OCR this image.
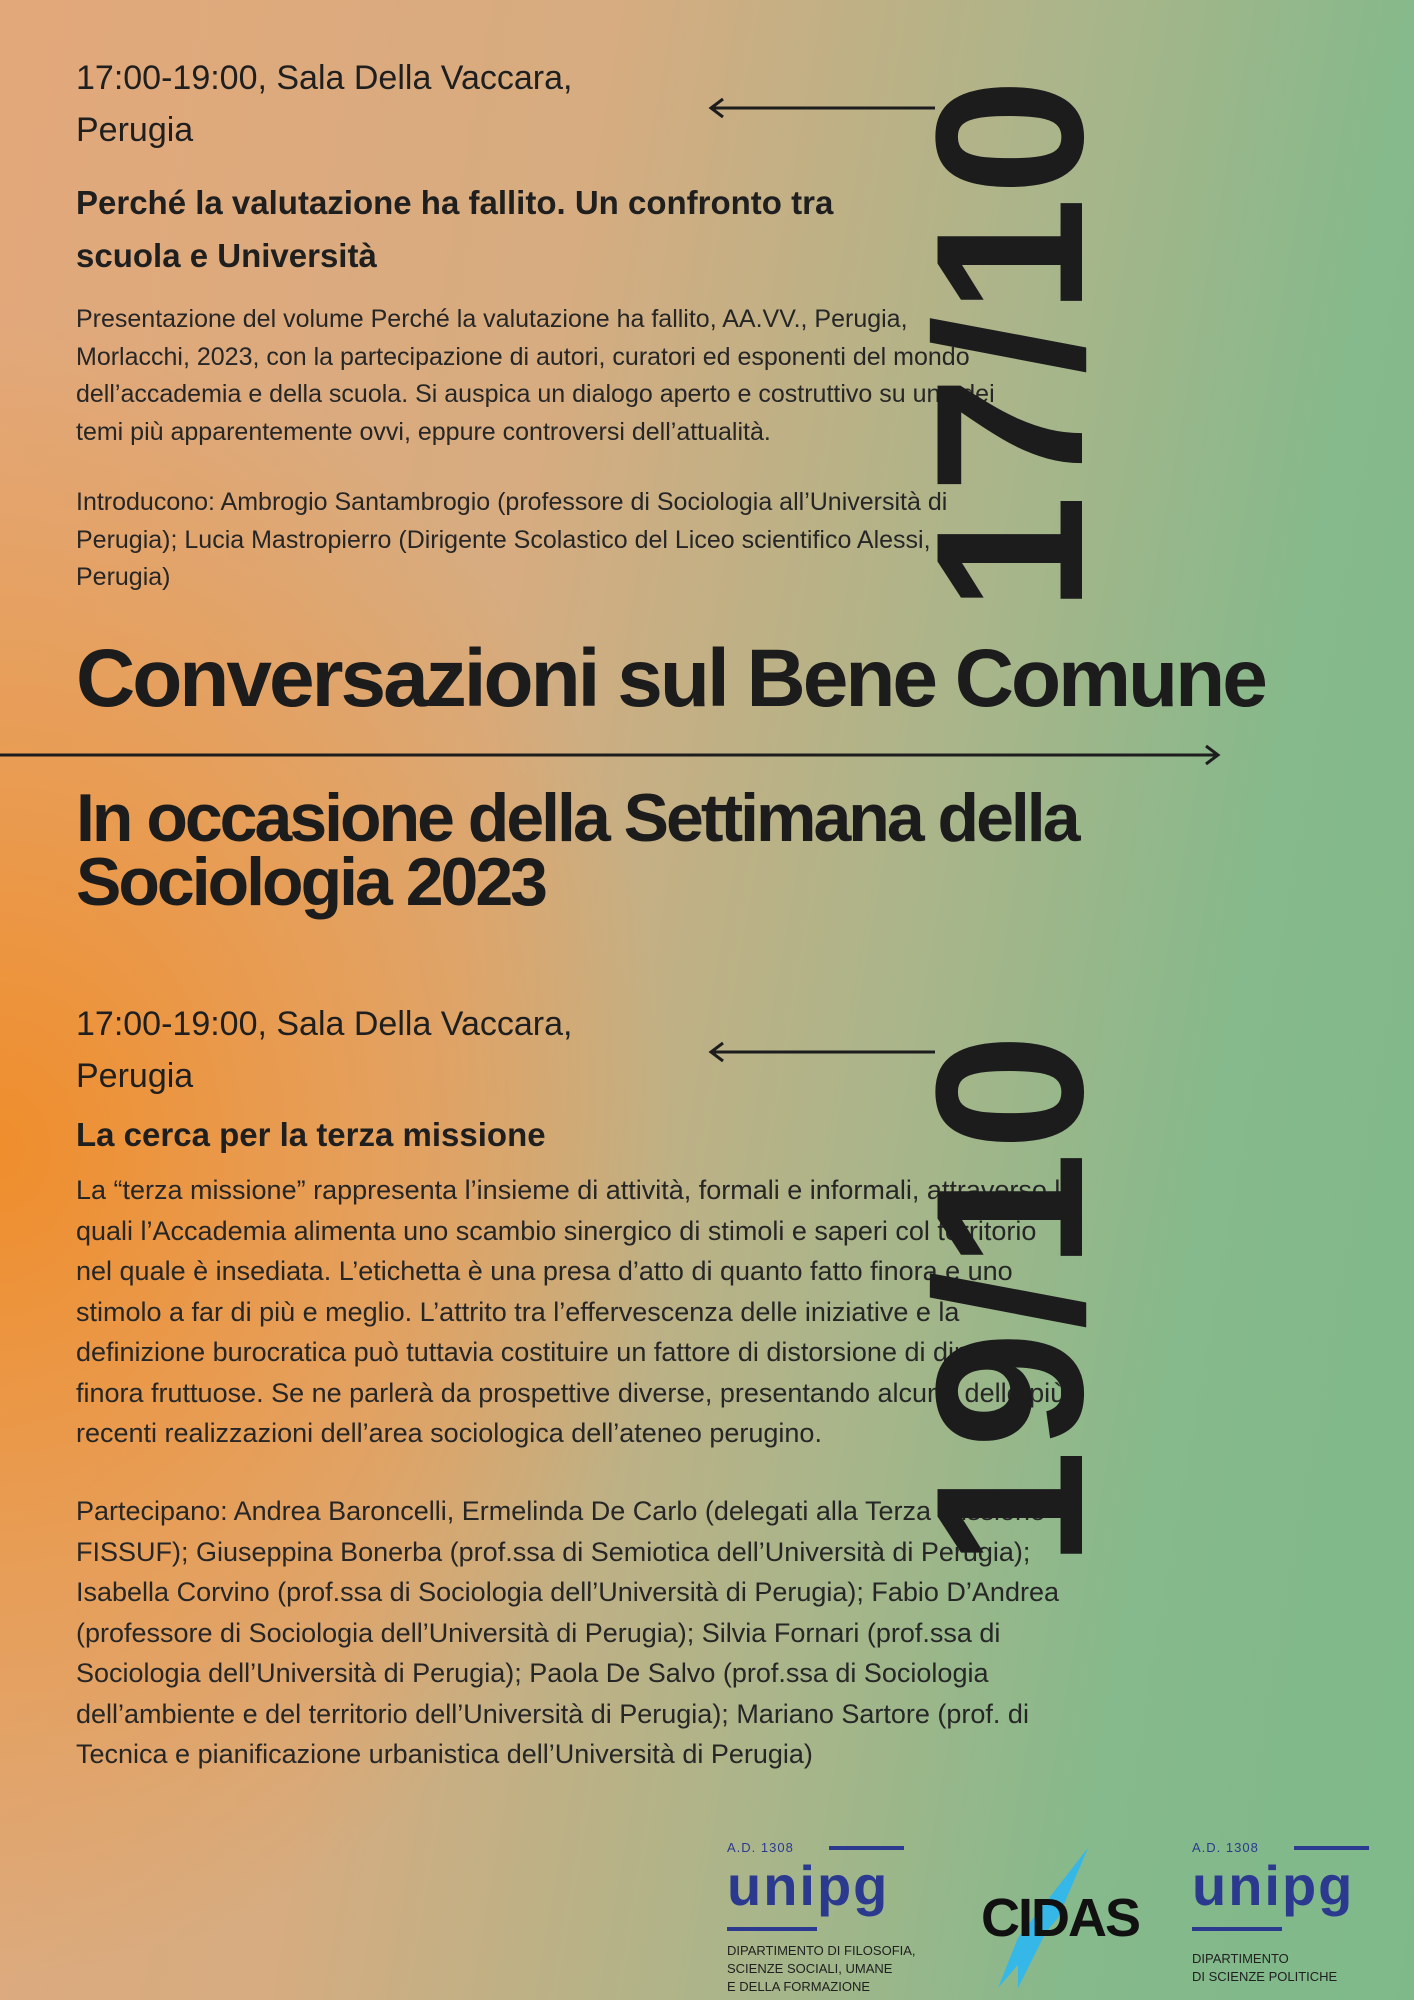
17:00-19:00, Sala Della Vaccara,
Perugia
Perché la valutazione ha fallito. Un confronto tra
scuola e Università
Presentazione del volume Perché la valutazione ha fallito, AA.VV., Perugia, Morlacchi, 2023, con la partecipazione di autori, curatori ed esponenti del mondo dell’accademia e della scuola. Si auspica un dialogo aperto e costruttivo su uno dei temi più apparentemente ovvi, eppure controversi dell’attualità.
Introducono: Ambrogio Santambrogio (professore di Sociologia all’Università di Perugia); Lucia Mastropierro (Dirigente Scolastico del Liceo scientifico Alessi, Perugia)	17/10
Conversazioni sul Bene Comune
In occasione della Settimana della Sociologia 2023
17:00-19:00, Sala Della Vaccara,
Perugia
La cerca per la terza missione
La “terza missione” rappresenta l’insieme di attività, formali e informali, attraverso le quali l’Accademia alimenta uno scambio sinergico di stimoli e saperi col territorio nel quale è insediata. L’etichetta è una presa d’atto di quanto fatto finora e uno stimolo a far di più e meglio. L’attrito tra l’effervescenza delle iniziative e la definizione burocratica può tuttavia costituire un fattore di distorsione di dinamiche finora fruttuose. Se ne parlerà da prospettive diverse, presentando alcune delle più recenti realizzazioni dell’area sociologica dell’ateneo perugino.
Partecipano: Andrea Baroncelli, Ermelinda De Carlo (delegati alla Terza missione FISSUF); Giuseppina Bonerba (prof.ssa di Semiotica dell’Università di Perugia); Isabella Corvino (prof.ssa di Sociologia dell’Università di Perugia); Fabio D’Andrea (professore di Sociologia dell’Università di Perugia); Silvia Fornari (prof.ssa di Sociologia dell’Università di Perugia); Paola De Salvo (prof.ssa di Sociologia dell’ambiente e del territorio dell’Università di Perugia); Mariano Sartore (prof. di Tecnica e pianificazione urbanistica dell’Università di Perugia)
19/10
A.D. 1308
unipg
DIPARTIMENTO DI FILOSOFIA,
SCIENZE SOCIALI, UMANE
E DELLA FORMAZIONE
CIDAS
A.D. 1308
unipg
DIPARTIMENTO
DI SCIENZE POLITICHE
